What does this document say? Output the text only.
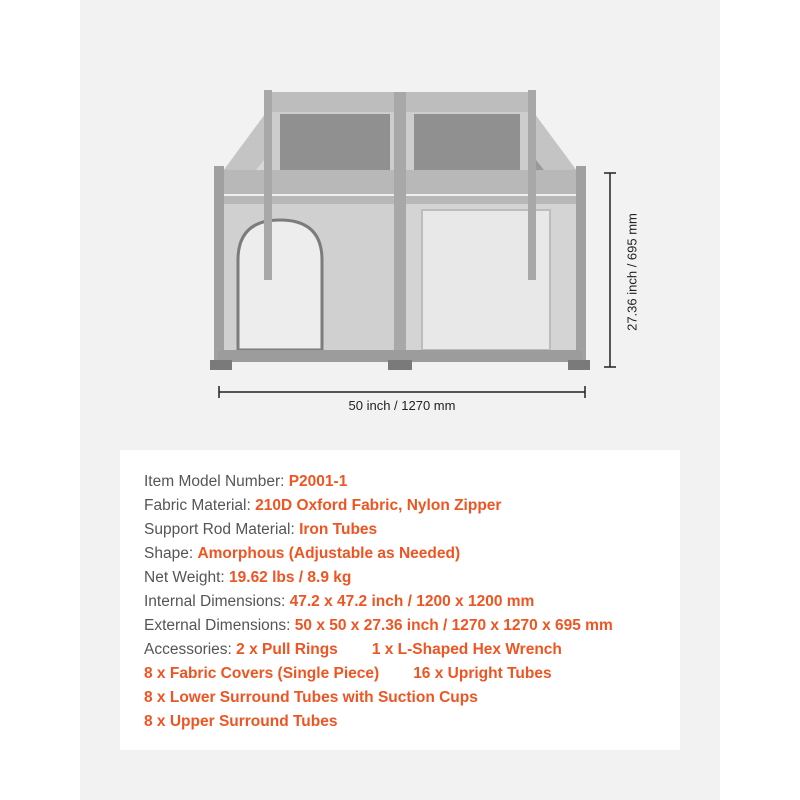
27.36 inch / 695 mm
50 inch / 1270 mm
Item Model Number: P2001-1
Fabric Material: 210D Oxford Fabric, Nylon Zipper
Support Rod Material: Iron Tubes
Shape: Amorphous (Adjustable as Needed)
Net Weight: 19.62 lbs / 8.9 kg
Internal Dimensions: 47.2 x 47.2 inch / 1200 x 1200 mm
External Dimensions: 50 x 50 x 27.36 inch / 1270 x 1270 x 695 mm
Accessories: 2 x Pull Rings 1 x L-Shaped Hex Wrench
8 x Fabric Covers (Single Piece) 16 x Upright Tubes
8 x Lower Surround Tubes with Suction Cups
8 x Upper Surround Tubes
